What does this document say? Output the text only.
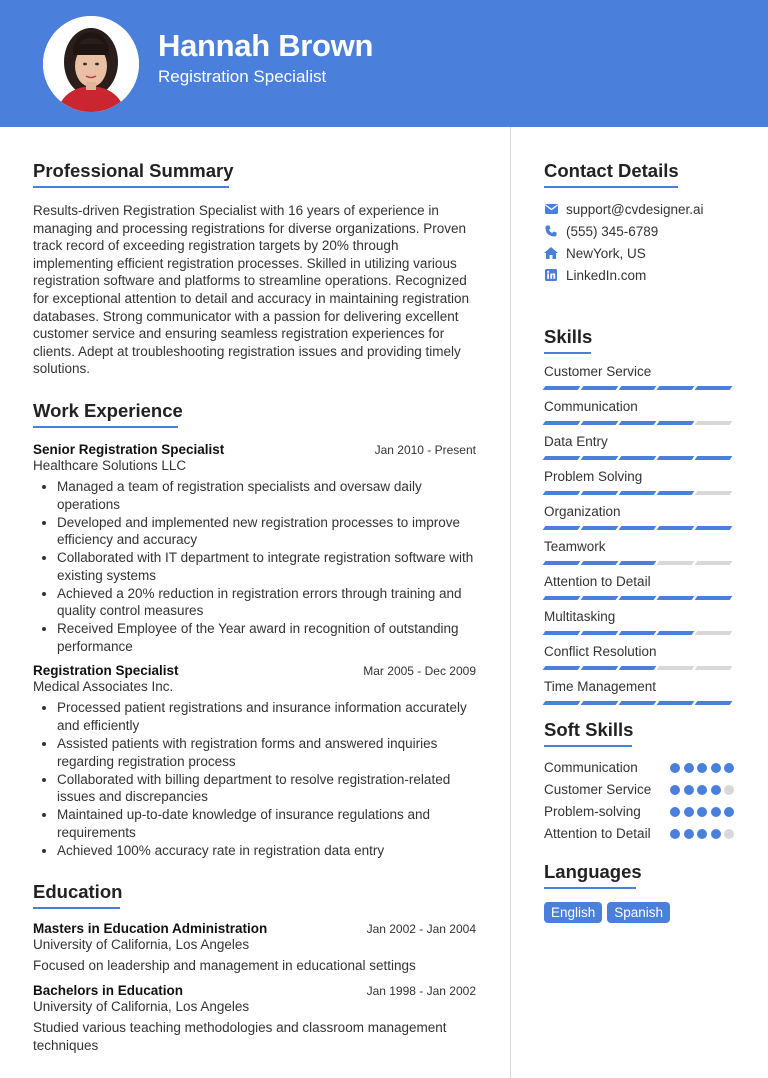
Hannah Brown
Registration Specialist
Professional Summary
Results-driven Registration Specialist with 16 years of experience in managing and processing registrations for diverse organizations. Proven track record of exceeding registration targets by 20% through implementing efficient registration processes. Skilled in utilizing various registration software and platforms to streamline operations. Recognized for exceptional attention to detail and accuracy in maintaining registration databases. Strong communicator with a passion for delivering excellent customer service and ensuring seamless registration experiences for clients. Adept at troubleshooting registration issues and providing timely solutions.
Work Experience
Senior Registration Specialist	Jan 2010 - Present
Healthcare Solutions LLC
Managed a team of registration specialists and oversaw daily operations
Developed and implemented new registration processes to improve efficiency and accuracy
Collaborated with IT department to integrate registration software with existing systems
Achieved a 20% reduction in registration errors through training and quality control measures
Received Employee of the Year award in recognition of outstanding performance
Registration Specialist	Mar 2005 - Dec 2009
Medical Associates Inc.
Processed patient registrations and insurance information accurately and efficiently
Assisted patients with registration forms and answered inquiries regarding registration process
Collaborated with billing department to resolve registration-related issues and discrepancies
Maintained up-to-date knowledge of insurance regulations and requirements
Achieved 100% accuracy rate in registration data entry
Education
Masters in Education Administration	Jan 2002 - Jan 2004
University of California, Los Angeles
Focused on leadership and management in educational settings
Bachelors in Education	Jan 1998 - Jan 2002
University of California, Los Angeles
Studied various teaching methodologies and classroom management techniques
Contact Details
support@cvdesigner.ai
(555) 345-6789
NewYork, US
LinkedIn.com
Skills
Customer Service
Communication
Data Entry
Problem Solving
Organization
Teamwork
Attention to Detail
Multitasking
Conflict Resolution
Time Management
Soft Skills
Communication
Customer Service
Problem-solving
Attention to Detail
Languages
English	Spanish
